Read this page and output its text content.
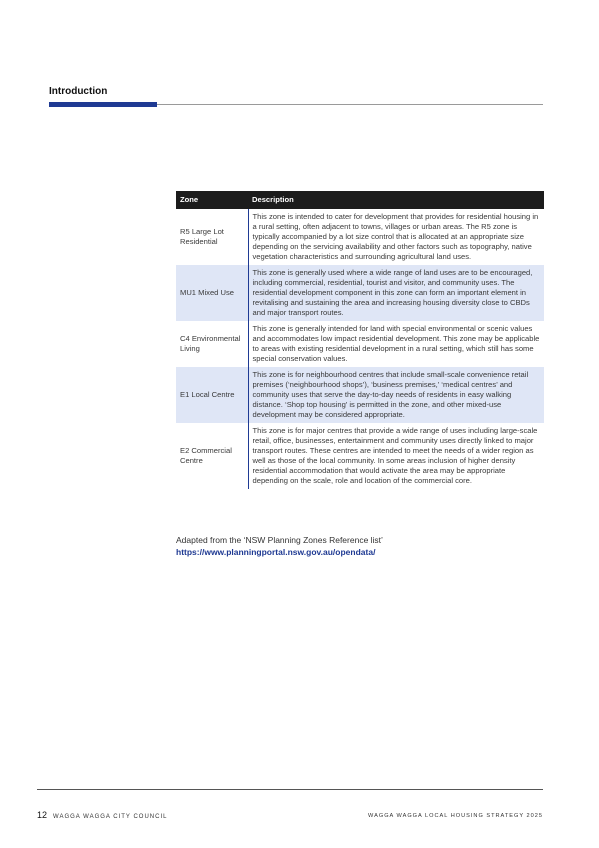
Introduction
Zone	Description
R5 Large Lot Residential	This zone is intended to cater for development that provides for residential housing in a rural setting, often adjacent to towns, villages or urban areas. The R5 zone is typically accompanied by a lot size control that is allocated at an appropriate size depending on the servicing availability and other factors such as topography, native vegetation characteristics and surrounding agricultural land uses.
MU1 Mixed Use	This zone is generally used where a wide range of land uses are to be encouraged, including commercial, residential, tourist and visitor, and community uses. The residential development component in this zone can form an important element in revitalising and sustaining the area and increasing housing diversity close to CBDs and major transport routes.
C4 Environmental Living	This zone is generally intended for land with special environmental or scenic values and accommodates low impact residential development. This zone may be applicable to areas with existing residential development in a rural setting, which still has some special conservation values.
E1 Local Centre	This zone is for neighbourhood centres that include small-scale convenience retail premises (‘neighbourhood shops’), ‘business premises,’ ‘medical centres’ and community uses that serve the day-to-day needs of residents in easy walking distance. ‘Shop top housing’ is permitted in the zone, and other mixed-use development may be considered appropriate.
E2 Commercial Centre	This zone is for major centres that provide a wide range of uses including large-scale retail, office, businesses, entertainment and community uses directly linked to major transport routes. These centres are intended to meet the needs of a wider region as well as those of the local community. In some areas inclusion of higher density residential accommodation that would activate the area may be appropriate depending on the scale, role and location of the commercial core.
Adapted from the ‘NSW Planning Zones Reference list’
https://www.planningportal.nsw.gov.au/opendata/
12 WAGGA WAGGA CITY COUNCIL	WAGGA WAGGA LOCAL HOUSING STRATEGY 2025
